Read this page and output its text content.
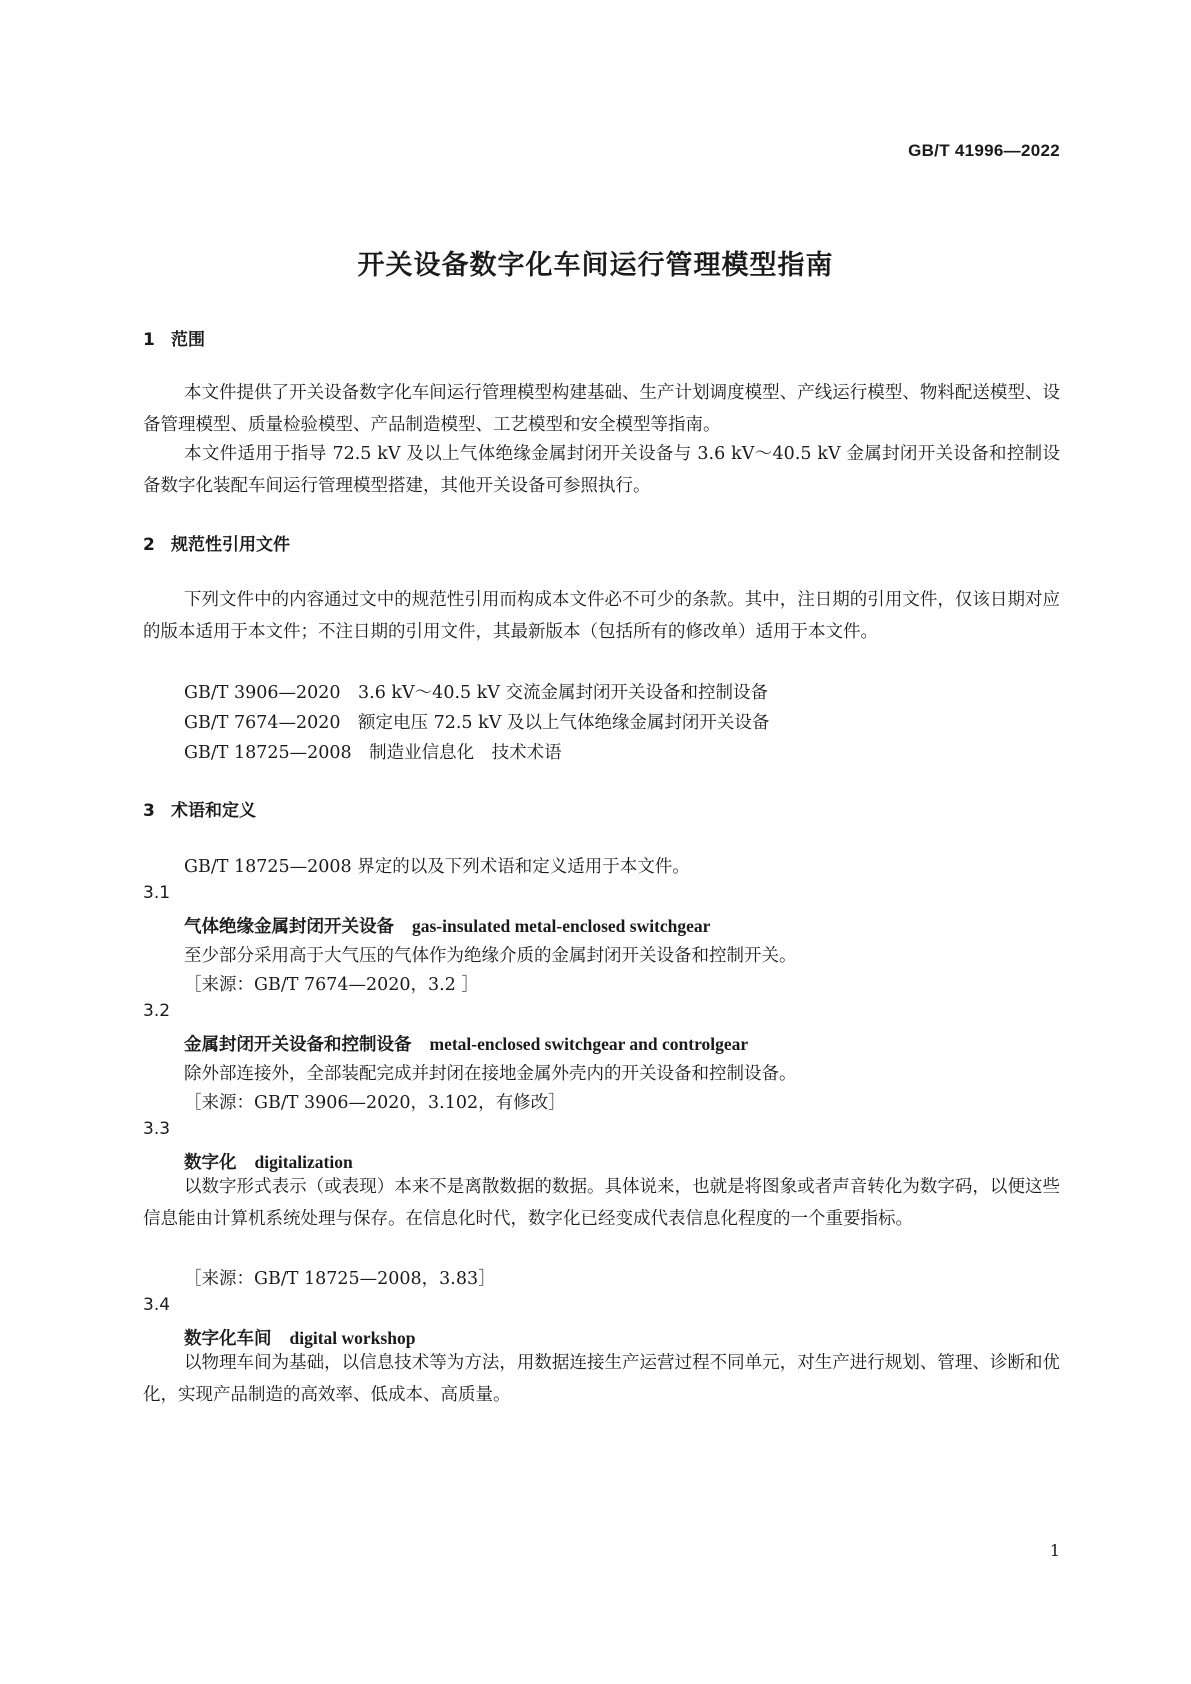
GB/T 41996—2022
开关设备数字化车间运行管理模型指南
1 范围
本文件提供了开关设备数字化车间运行管理模型构建基础、生产计划调度模型、产线运行模型、物料配送模型、设备管理模型、质量检验模型、产品制造模型、工艺模型和安全模型等指南。
本文件适用于指导 72.5 kV 及以上气体绝缘金属封闭开关设备与 3.6 kV～40.5 kV 金属封闭开关设备和控制设备数字化装配车间运行管理模型搭建，其他开关设备可参照执行。
2 规范性引用文件
下列文件中的内容通过文中的规范性引用而构成本文件必不可少的条款。其中，注日期的引用文件，仅该日期对应的版本适用于本文件；不注日期的引用文件，其最新版本（包括所有的修改单）适用于本文件。
GB/T 3906—2020　3.6 kV～40.5 kV 交流金属封闭开关设备和控制设备
GB/T 7674—2020　额定电压 72.5 kV 及以上气体绝缘金属封闭开关设备
GB/T 18725—2008　制造业信息化　技术术语
3 术语和定义
GB/T 18725—2008 界定的以及下列术语和定义适用于本文件。
3.1
气体绝缘金属封闭开关设备 gas-insulated metal-enclosed switchgear
至少部分采用高于大气压的气体作为绝缘介质的金属封闭开关设备和控制开关。
［来源：GB/T 7674—2020，3.2 ］
3.2
金属封闭开关设备和控制设备 metal-enclosed switchgear and controlgear
除外部连接外，全部装配完成并封闭在接地金属外壳内的开关设备和控制设备。
［来源：GB/T 3906—2020，3.102，有修改］
3.3
数字化 digitalization
以数字形式表示（或表现）本来不是离散数据的数据。具体说来，也就是将图象或者声音转化为数字码，以便这些信息能由计算机系统处理与保存。在信息化时代，数字化已经变成代表信息化程度的一个重要指标。
［来源：GB/T 18725—2008，3.83］
3.4
数字化车间 digital workshop
以物理车间为基础，以信息技术等为方法，用数据连接生产运营过程不同单元，对生产进行规划、管理、诊断和优化，实现产品制造的高效率、低成本、高质量。
1
